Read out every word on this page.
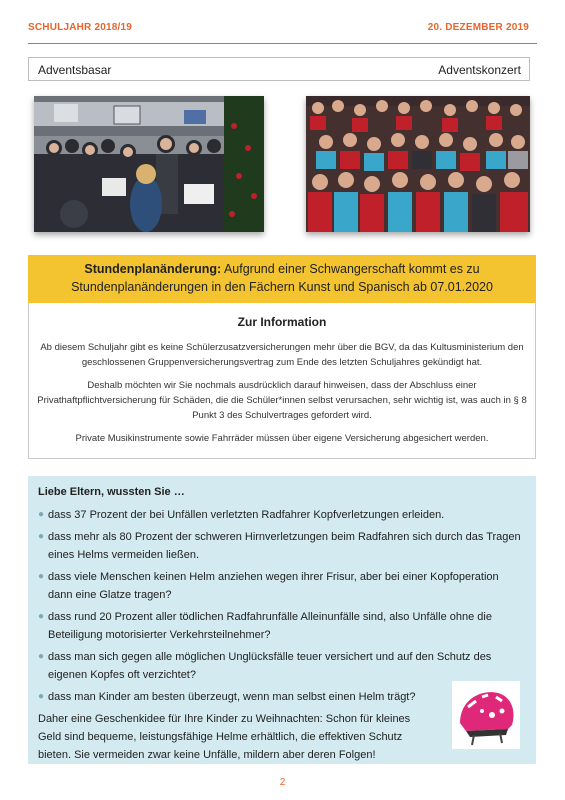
SCHULJAHR 2018/19	20. DEZEMBER 2019
Adventsbasar	Adventskonzert
Stundenplanänderung: Aufgrund einer Schwangerschaft kommt es zu
Stundenplanänderungen in den Fächern Kunst und Spanisch ab 07.01.2020
Zur Information

Ab diesem Schuljahr gibt es keine Schülerzusatzversicherungen mehr über die BGV, da das Kultusministerium den geschlossenen Gruppenversicherungsvertrag zum Ende des letzten Schuljahres gekündigt hat.

Deshalb möchten wir Sie nochmals ausdrücklich darauf hinweisen, dass der Abschluss einer Privathaftpflichtversicherung für Schäden, die die Schüler*innen selbst verursachen, sehr wichtig ist, was auch in § 8 Punkt 3 des Schulvertrages gefordert wird.

Private Musikinstrumente sowie Fahrräder müssen über eigene Versicherung abgesichert werden.

Liebe Eltern, wussten Sie …
● dass 37 Prozent der bei Unfällen verletzten Radfahrer Kopfverletzungen erleiden.
● dass mehr als 80 Prozent der schweren Hirnverletzungen beim Radfahren sich durch das Tragen eines Helms vermeiden ließen.
● dass viele Menschen keinen Helm anziehen wegen ihrer Frisur, aber bei einer Kopfoperation dann eine Glatze tragen?
● dass rund 20 Prozent aller tödlichen Radfahrunfälle Alleinunfälle sind, also Unfälle ohne die Beteiligung motorisierter Verkehrsteilnehmer?
● dass man sich gegen alle möglichen Unglücksfälle teuer versichert und auf den Schutz des eigenen Kopfes oft verzichtet?
● dass man Kinder am besten überzeugt, wenn man selbst einen Helm trägt?
Daher eine Geschenkidee für Ihre Kinder zu Weihnachten: Schon für kleines Geld sind bequeme, leistungsfähige Helme erhältlich, die effektiven Schutz bieten. Sie vermeiden zwar keine Unfälle, mildern aber deren Folgen!
2
